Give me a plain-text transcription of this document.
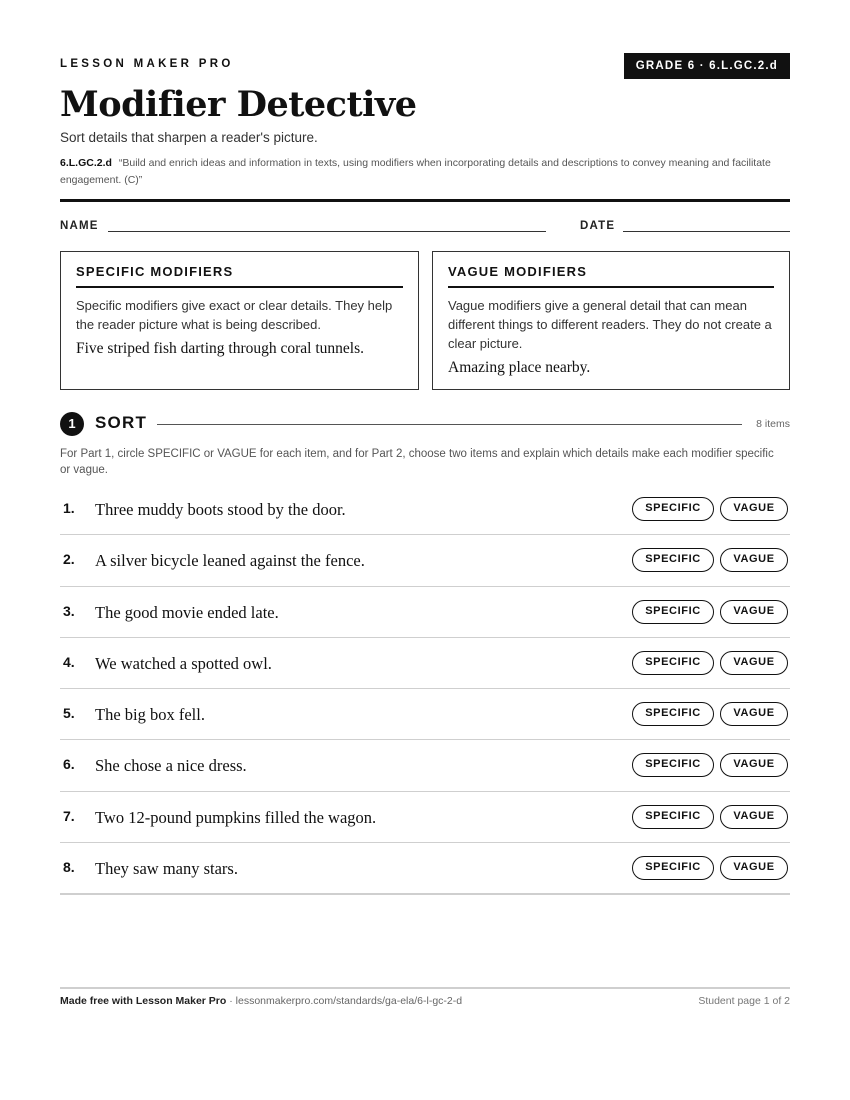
LESSON MAKER PRO	GRADE 6 · 6.L.GC.2.d
Modifier Detective
Sort details that sharpen a reader's picture.
6.L.GC.2.d “Build and enrich ideas and information in texts, using modifiers when incorporating details and descriptions to convey meaning and facilitate engagement. (C)”
NAME	DATE
SPECIFIC MODIFIERS
Specific modifiers give exact or clear details. They help the reader picture what is being described.
Five striped fish darting through coral tunnels.
VAGUE MODIFIERS
Vague modifiers give a general detail that can mean different things to different readers. They do not create a clear picture.
Amazing place nearby.
1	SORT	8 items
For Part 1, circle SPECIFIC or VAGUE for each item, and for Part 2, choose two items and explain which details make each modifier specific or vague.
1. Three muddy boots stood by the door.	SPECIFIC	VAGUE
2. A silver bicycle leaned against the fence.	SPECIFIC	VAGUE
3. The good movie ended late.	SPECIFIC	VAGUE
4. We watched a spotted owl.	SPECIFIC	VAGUE
5. The big box fell.	SPECIFIC	VAGUE
6. She chose a nice dress.	SPECIFIC	VAGUE
7. Two 12-pound pumpkins filled the wagon.	SPECIFIC	VAGUE
8. They saw many stars.	SPECIFIC	VAGUE
Made free with Lesson Maker Pro · lessonmakerpro.com/standards/ga-ela/6-l-gc-2-d	Student page 1 of 2
